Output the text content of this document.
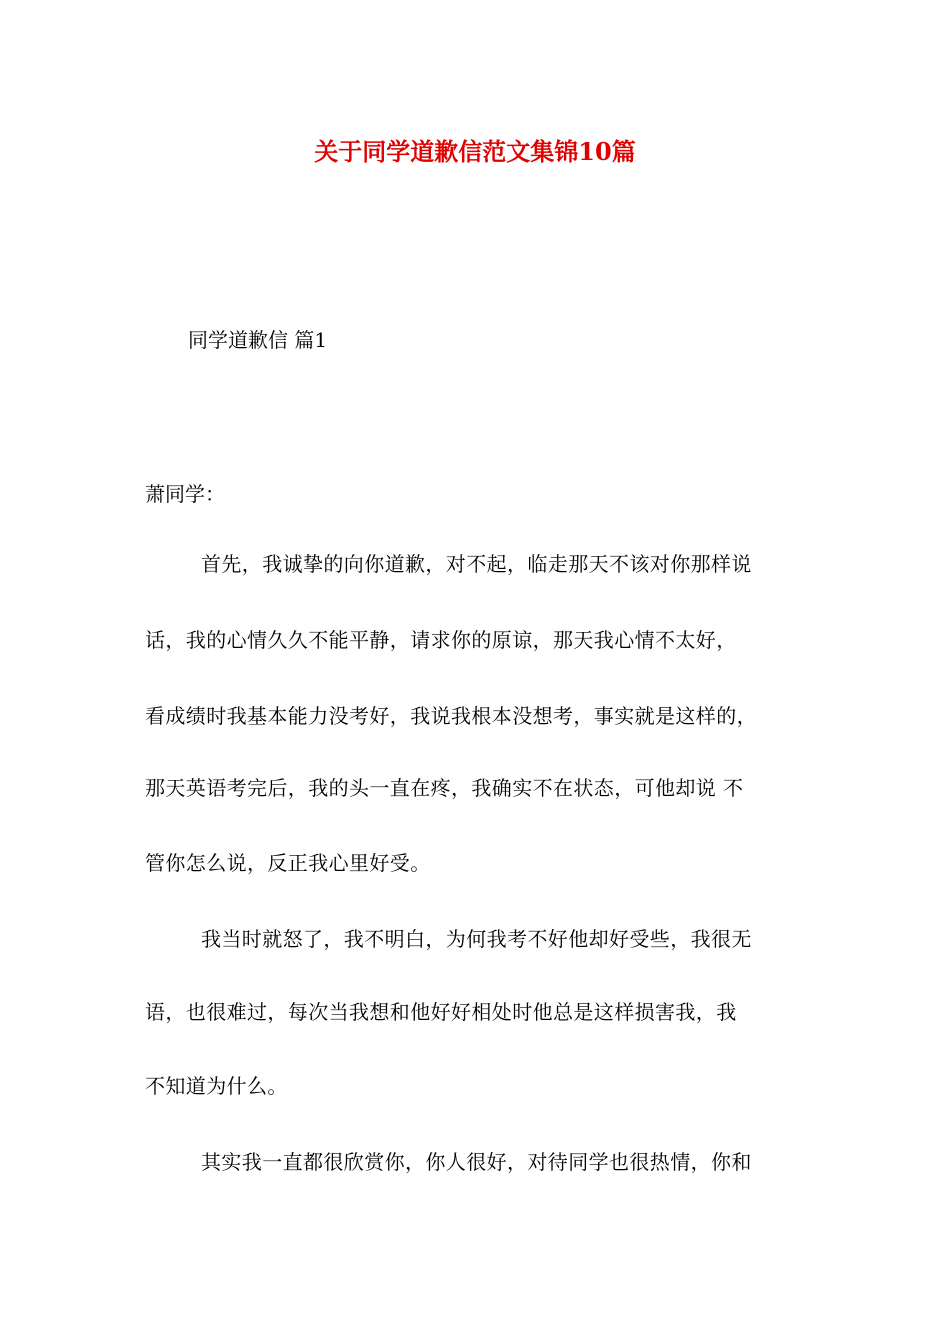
关于同学道歉信范文集锦10篇
同学道歉信 篇1
萧同学：
首先，我诚挚的向你道歉，对不起，临走那天不该对你那样说
话，我的心情久久不能平静，请求你的原谅，那天我心情不太好，
看成绩时我基本能力没考好，我说我根本没想考，事实就是这样的，
那天英语考完后，我的头一直在疼，我确实不在状态，可他却说 不
管你怎么说，反正我心里好受。
我当时就怒了，我不明白，为何我考不好他却好受些，我很无
语，也很难过，每次当我想和他好好相处时他总是这样损害我，我
不知道为什么。
其实我一直都很欣赏你，你人很好，对待同学也很热情，你和
